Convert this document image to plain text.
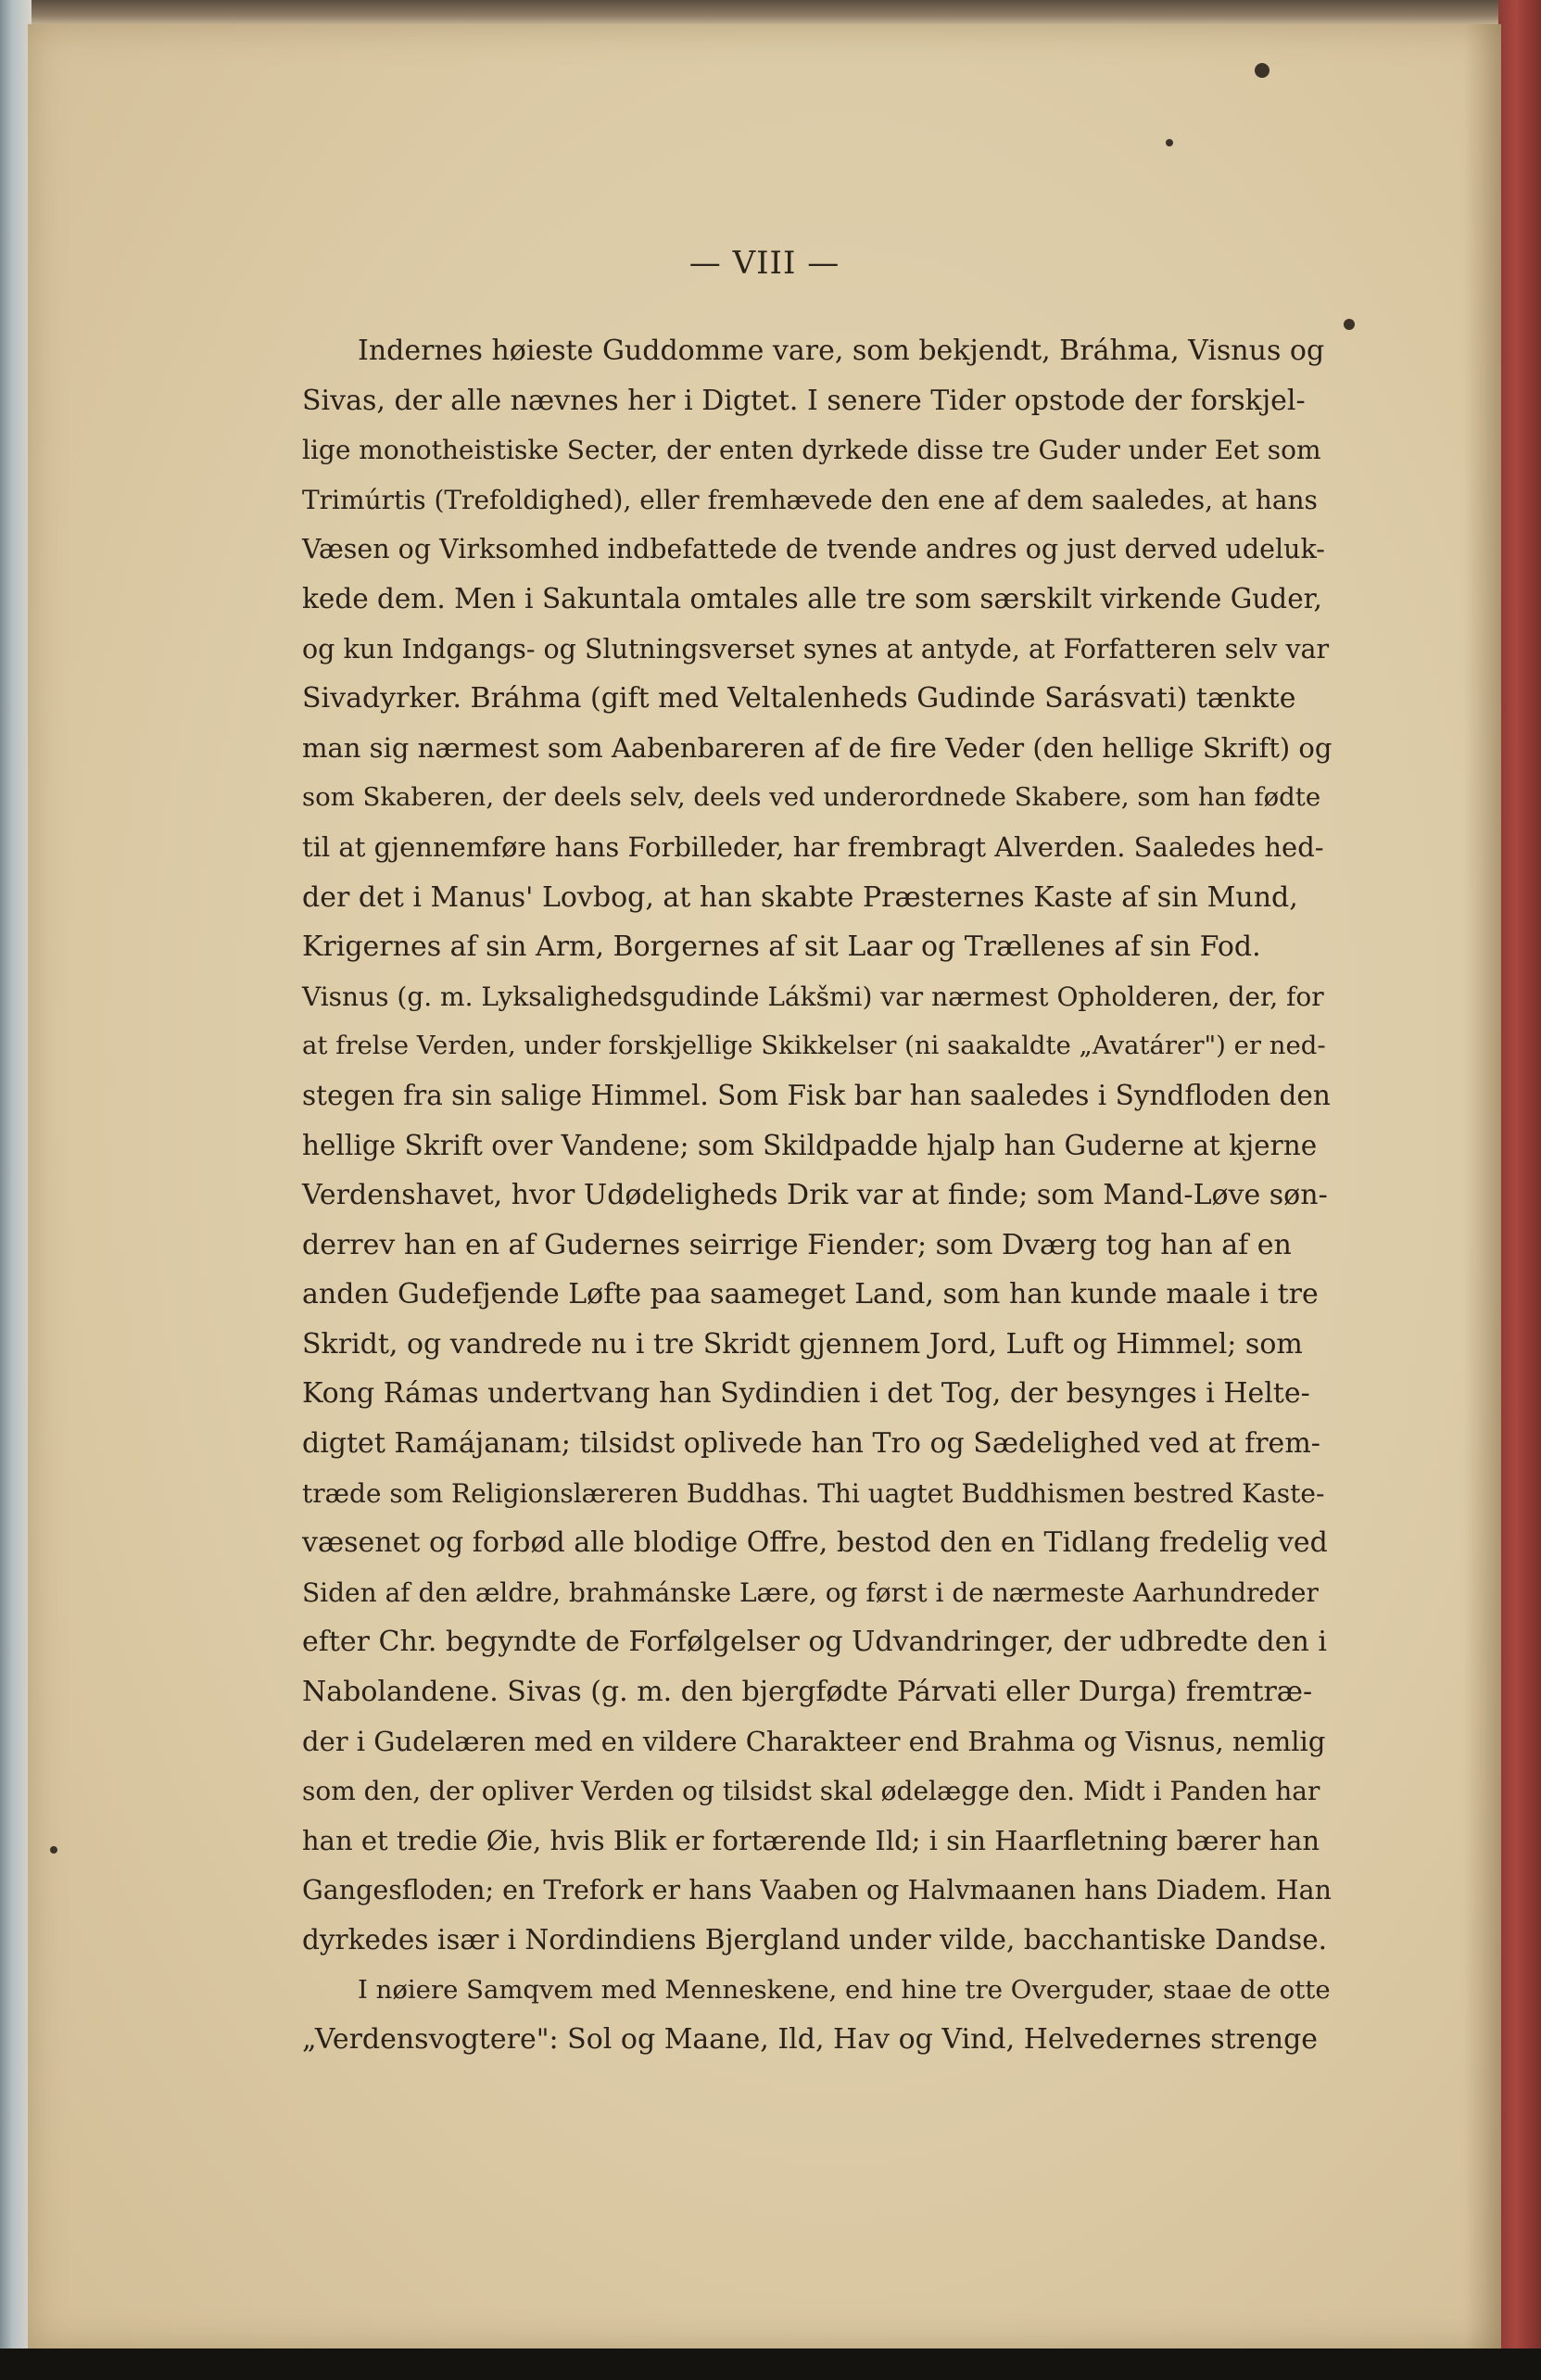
— VIII —
Indernes høieste Guddomme vare, som bekjendt, Bráhma, Visnus og
Sivas, der alle nævnes her i Digtet. I senere Tider opstode der forskjel-
lige monotheistiske Secter, der enten dyrkede disse tre Guder under Eet som
Trimúrtis (Trefoldighed), eller fremhævede den ene af dem saaledes, at hans
Væsen og Virksomhed indbefattede de tvende andres og just derved udeluk-
kede dem. Men i Sakuntala omtales alle tre som særskilt virkende Guder,
og kun Indgangs- og Slutningsverset synes at antyde, at Forfatteren selv var
Sivadyrker. Bráhma (gift med Veltalenheds Gudinde Sarásvati) tænkte
man sig nærmest som Aabenbareren af de fire Veder (den hellige Skrift) og
som Skaberen, der deels selv, deels ved underordnede Skabere, som han fødte
til at gjennemføre hans Forbilleder, har frembragt Alverden. Saaledes hed-
der det i Manus' Lovbog, at han skabte Præsternes Kaste af sin Mund,
Krigernes af sin Arm, Borgernes af sit Laar og Trællenes af sin Fod.
Visnus (g. m. Lyksalighedsgudinde Lákšmi) var nærmest Opholderen, der, for
at frelse Verden, under forskjellige Skikkelser (ni saakaldte „Avatárer") er ned-
stegen fra sin salige Himmel. Som Fisk bar han saaledes i Syndfloden den
hellige Skrift over Vandene; som Skildpadde hjalp han Guderne at kjerne
Verdenshavet, hvor Udødeligheds Drik var at finde; som Mand-Løve søn-
derrev han en af Gudernes seirrige Fiender; som Dværg tog han af en
anden Gudefjende Løfte paa saameget Land, som han kunde maale i tre
Skridt, og vandrede nu i tre Skridt gjennem Jord, Luft og Himmel; som
Kong Rámas undertvang han Sydindien i det Tog, der besynges i Helte-
digtet Ramájanam; tilsidst oplivede han Tro og Sædelighed ved at frem-
træde som Religionslæreren Buddhas. Thi uagtet Buddhismen bestred Kaste-
væsenet og forbød alle blodige Offre, bestod den en Tidlang fredelig ved
Siden af den ældre, brahmánske Lære, og først i de nærmeste Aarhundreder
efter Chr. begyndte de Forfølgelser og Udvandringer, der udbredte den i
Nabolandene. Sivas (g. m. den bjergfødte Párvati eller Durga) fremtræ-
der i Gudelæren med en vildere Charakteer end Brahma og Visnus, nemlig
som den, der opliver Verden og tilsidst skal ødelægge den. Midt i Panden har
han et tredie Øie, hvis Blik er fortærende Ild; i sin Haarfletning bærer han
Gangesfloden; en Trefork er hans Vaaben og Halvmaanen hans Diadem. Han
dyrkedes især i Nordindiens Bjergland under vilde, bacchantiske Dandse.
I nøiere Samqvem med Menneskene, end hine tre Overguder, staae de otte
„Verdensvogtere": Sol og Maane, Ild, Hav og Vind, Helvedernes strenge
